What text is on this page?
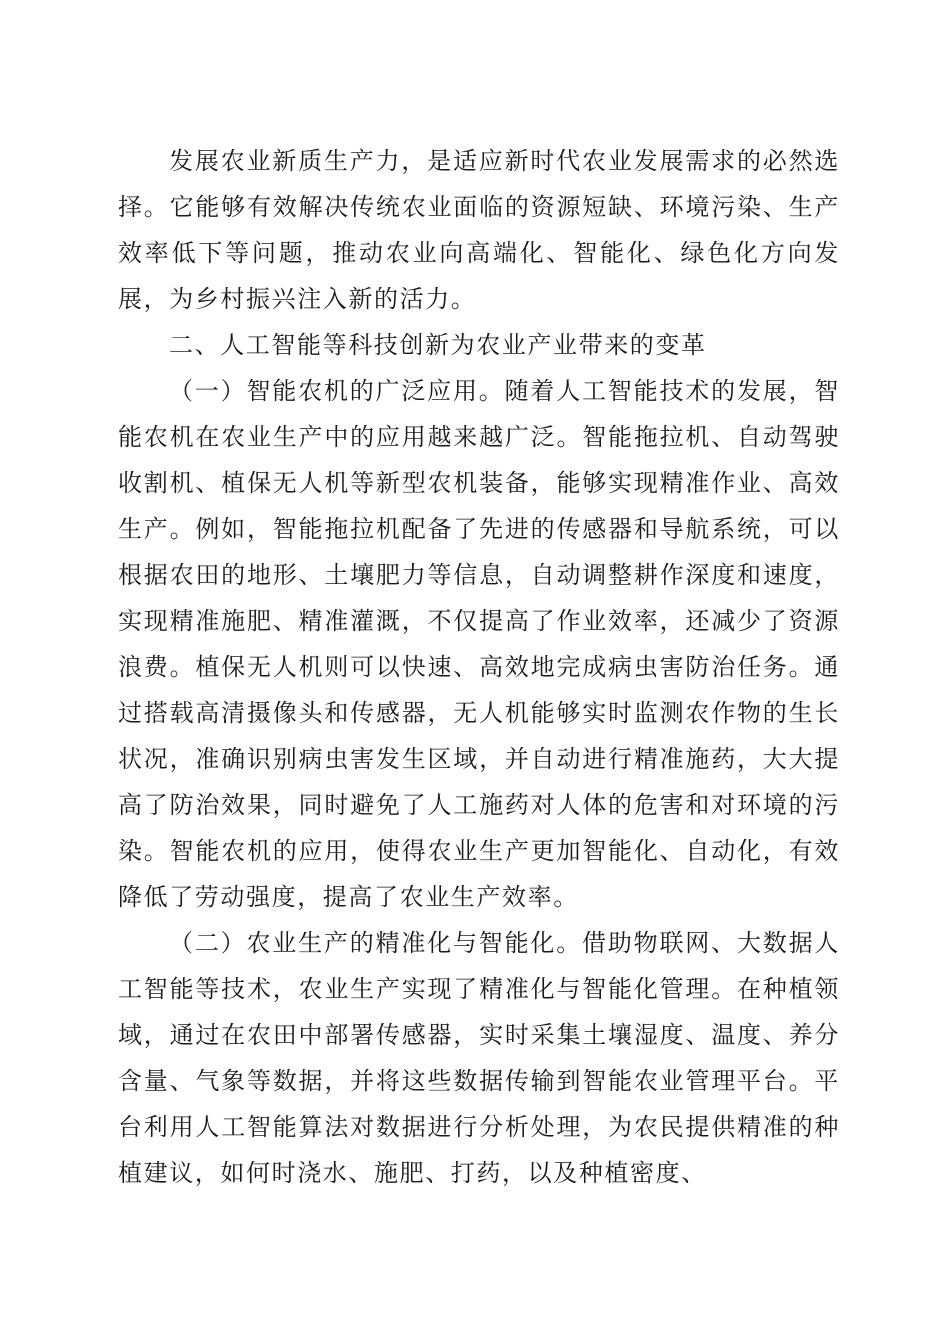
发展农业新质生产力，是适应新时代农业发展需求的必然选择。它能够有效解决传统农业面临的资源短缺、环境污染、生产效率低下等问题，推动农业向高端化、智能化、绿色化方向发展，为乡村振兴注入新的活力。

二、人工智能等科技创新为农业产业带来的变革

（一）智能农机的广泛应用。随着人工智能技术的发展，智能农机在农业生产中的应用越来越广泛。智能拖拉机、自动驾驶收割机、植保无人机等新型农机装备，能够实现精准作业、高效生产。例如，智能拖拉机配备了先进的传感器和导航系统，可以根据农田的地形、土壤肥力等信息，自动调整耕作深度和速度，实现精准施肥、精准灌溉，不仅提高了作业效率，还减少了资源浪费。植保无人机则可以快速、高效地完成病虫害防治任务。通过搭载高清摄像头和传感器，无人机能够实时监测农作物的生长状况，准确识别病虫害发生区域，并自动进行精准施药，大大提高了防治效果，同时避免了人工施药对人体的危害和对环境的污染。智能农机的应用，使得农业生产更加智能化、自动化，有效降低了劳动强度，提高了农业生产效率。

（二）农业生产的精准化与智能化。借助物联网、大数据人工智能等技术，农业生产实现了精准化与智能化管理。在种植领域，通过在农田中部署传感器，实时采集土壤湿度、温度、养分含量、气象等数据，并将这些数据传输到智能农业管理平台。平台利用人工智能算法对数据进行分析处理，为农民提供精准的种植建议，如何时浇水、施肥、打药，以及种植密度、
